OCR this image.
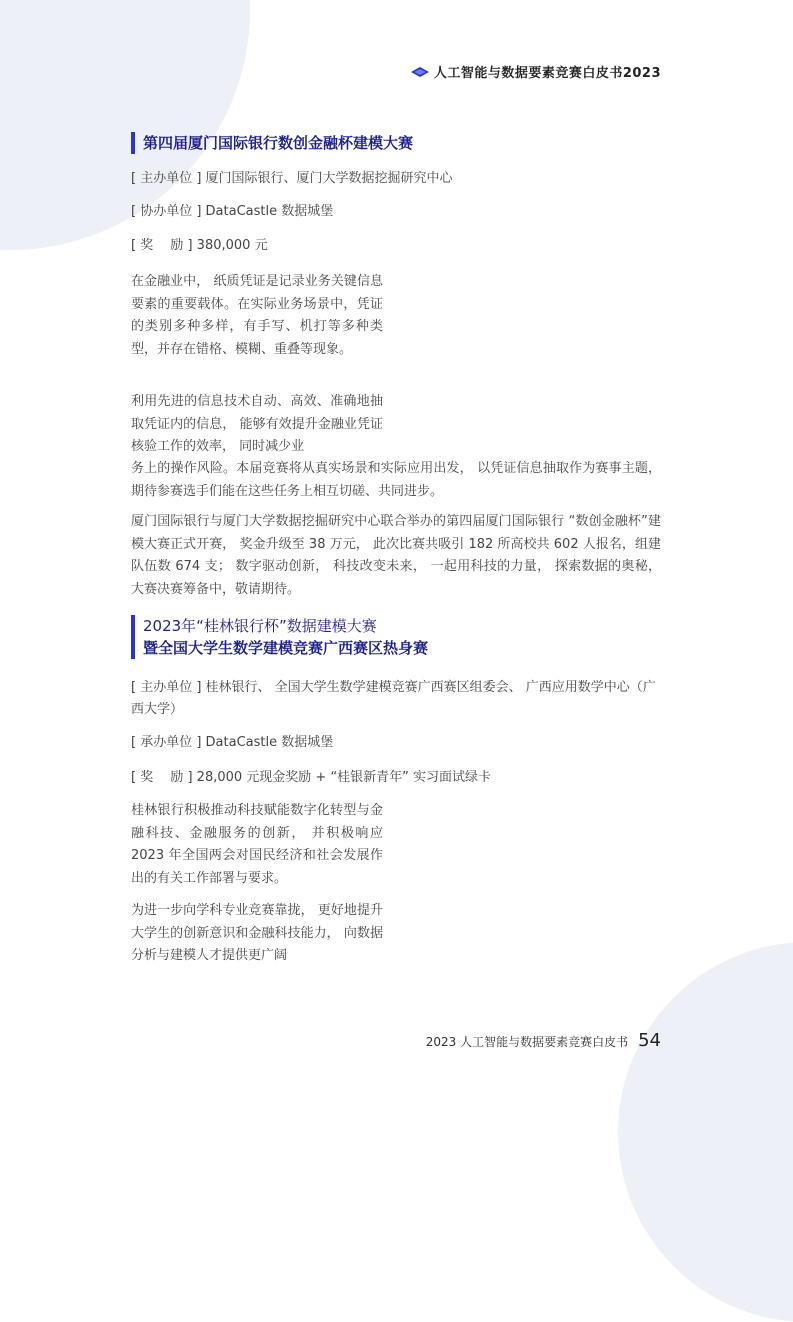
人工智能与数据要素竞赛白皮书2023
第四届厦门国际银行数创金融杯建模大赛
[ 主办单位 ] 厦门国际银行、厦门大学数据挖掘研究中心
[ 协办单位 ] DataCastle 数据城堡
[ 奖　 励 ] 380,000 元
在金融业中， 纸质凭证是记录业务关键信息要素的重要载体。在实际业务场景中，凭证的类别多种多样，有手写、机打等多种类型，并存在错格、模糊、重叠等现象。
利用先进的信息技术自动、高效、准确地抽取凭证内的信息， 能够有效提升金融业凭证核验工作的效率， 同时减少业
务上的操作风险。本届竞赛将从真实场景和实际应用出发， 以凭证信息抽取作为赛事主题，期待参赛选手们能在这些任务上相互切磋、共同进步。
厦门国际银行与厦门大学数据挖掘研究中心联合举办的第四届厦门国际银行 “数创金融杯”建模大赛正式开赛， 奖金升级至 38 万元， 此次比赛共吸引 182 所高校共 602 人报名，组建队伍数 674 支； 数字驱动创新， 科技改变未来， 一起用科技的力量， 探索数据的奥秘，大赛决赛筹备中，敬请期待。
2023年“桂林银行杯”数据建模大赛
暨全国大学生数学建模竞赛广西赛区热身赛
[ 主办单位 ] 桂林银行、 全国大学生数学建模竞赛广西赛区组委会、 广西应用数学中心（广西大学）
[ 承办单位 ] DataCastle 数据城堡
[ 奖　 励 ] 28,000 元现金奖励 + “桂银新青年” 实习面试绿卡
桂林银行积极推动科技赋能数字化转型与金融科技、金融服务的创新， 并积极响应 2023 年全国两会对国民经济和社会发展作出的有关工作部署与要求。
为进一步向学科专业竞赛靠拢， 更好地提升大学生的创新意识和金融科技能力， 向数据分析与建模人才提供更广阔
2023 人工智能与数据要素竞赛白皮书 54
